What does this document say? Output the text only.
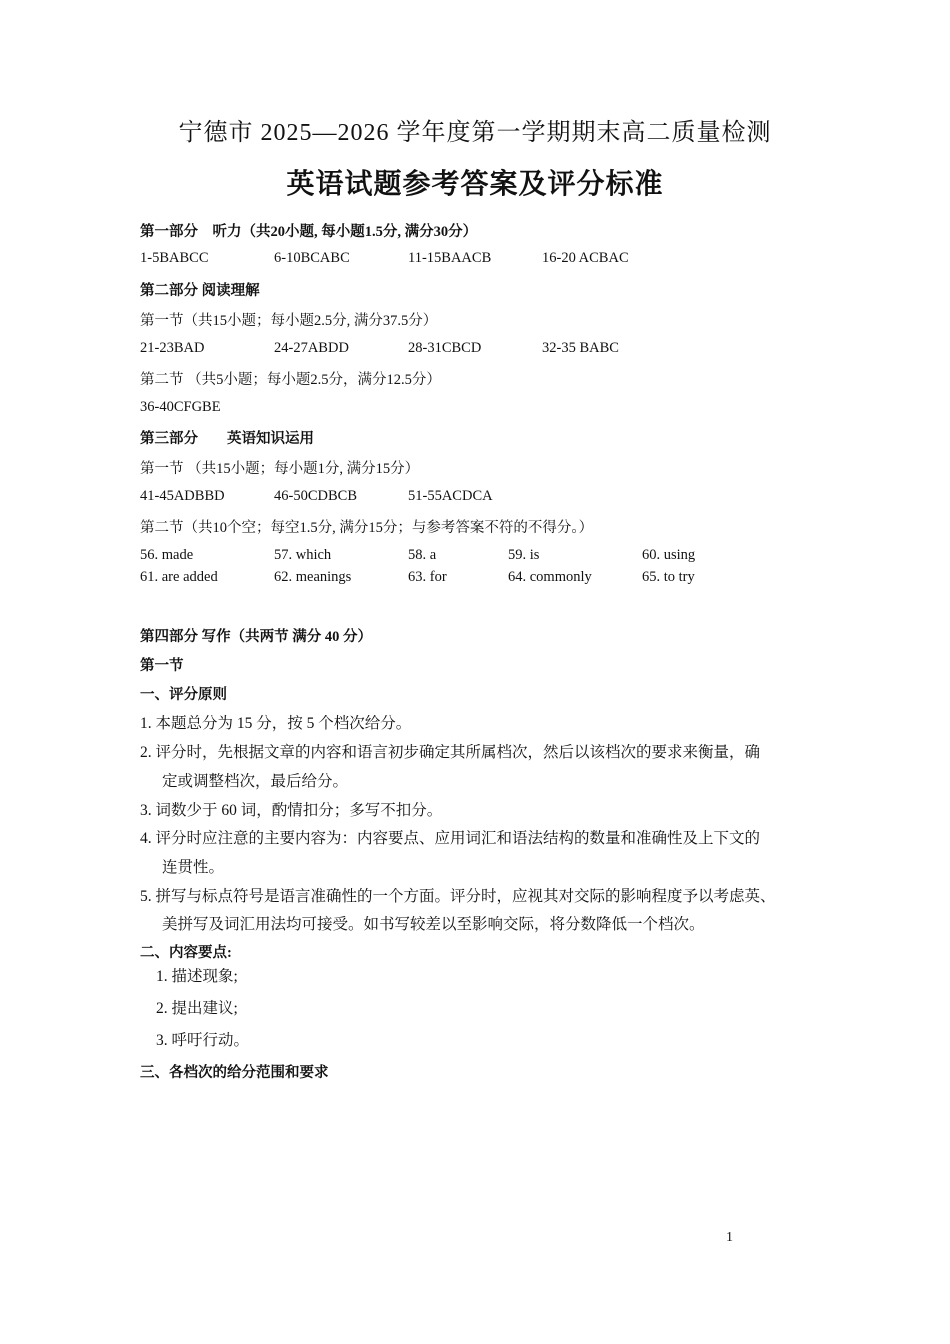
宁德市 2025—2026 学年度第一学期期末高二质量检测
英语试题参考答案及评分标准
第一部分　听力（共20小题, 每小题1.5分, 满分30分）
1-5BABCC	6-10BCABC	11-15BAACB	16-20 ACBAC
第二部分 阅读理解
第一节（共15小题；每小题2.5分, 满分37.5分）
21-23BAD	24-27ABDD	28-31CBCD	32-35 BABC
第二节 （共5小题；每小题2.5分，满分12.5分）
36-40CFGBE
第三部分　　英语知识运用
第一节 （共15小题；每小题1分, 满分15分）
41-45ADBBD	46-50CDBCB	51-55ACDCA
第二节（共10个空；每空1.5分, 满分15分；与参考答案不符的不得分。）
56. made	57. which	58. a	59. is	60. using
61. are added	62. meanings	63. for	64. commonly	65. to try
第四部分 写作（共两节 满分 40 分）
第一节
一、评分原则
1. 本题总分为 15 分，按 5 个档次给分。
2. 评分时，先根据文章的内容和语言初步确定其所属档次，然后以该档次的要求来衡量，确
定或调整档次，最后给分。
3. 词数少于 60 词，酌情扣分；多写不扣分。
4. 评分时应注意的主要内容为：内容要点、应用词汇和语法结构的数量和准确性及上下文的
连贯性。
5. 拼写与标点符号是语言准确性的一个方面。评分时，应视其对交际的影响程度予以考虑英、
美拼写及词汇用法均可接受。如书写较差以至影响交际，将分数降低一个档次。
二、内容要点:
1. 描述现象;
2. 提出建议;
3. 呼吁行动。
三、各档次的给分范围和要求
1
